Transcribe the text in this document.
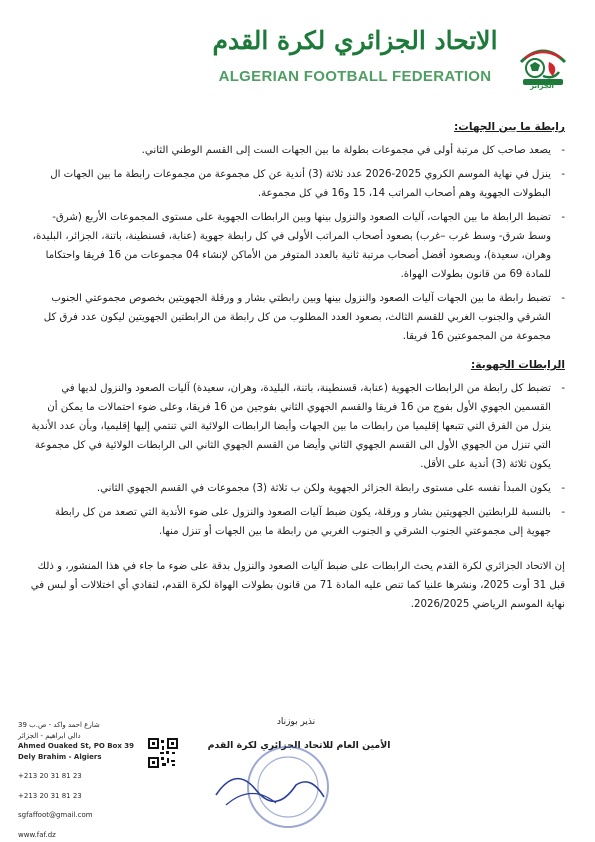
الاتحاد الجزائري لكرة القدم
ALGERIAN FOOTBALL FEDERATION
الجزائر
رابطة ما بين الجهات:
-

يصعد صاحب كل مرتبة أولى في مجموعات بطولة ما بين الجهات الست إلى القسم الوطني الثاني.

-

ينزل في نهاية الموسم الكروي 2025-2026 عدد ثلاثة (3) أندية عن كل مجموعة من مجموعات رابطة ما بين الجهات ال البطولات الجهوية وهم أصحاب المراتب 14، 15 و16 في كل مجموعة.

-

تضبط الرابطة ما بين الجهات، آليات الصعود والنزول بينها وبين الرابطات الجهوية على مستوى المجموعات الأربع (شرق- وسط شرق- وسط غرب –غرب) بصعود أصحاب المراتب الأولى في كل رابطة جهوية (عنابة، قسنطينة، باتنة، الجزائر، البليدة، وهران، سعيدة)، وبصعود أفضل أصحاب مرتبة ثانية بالعدد المتوفر من الأماكن لإنشاء 04 مجموعات من 16 فريقا واحتكاما للمادة 69 من قانون بطولات الهواة.

-

تضبط رابطة ما بين الجهات آليات الصعود والنزول بينها وبين رابطتي بشار و ورقلة الجهويتين بخصوص مجموعتي الجنوب الشرقي والجنوب الغربي للقسم الثالث، بصعود العدد المطلوب من كل رابطة من الرابطتين الجهويتين ليكون عدد فرق كل مجموعة من المجموعتين 16 فريقا.

الرابطات الجهوية:
-

تضبط كل رابطة من الرابطات الجهوية (عنابة، قسنطينة، باتنة، البليدة، وهران، سعيدة) آليات الصعود والنزول لديها في القسمين الجهوي الأول بفوج من 16 فريقا والقسم الجهوي الثاني بفوجين من 16 فريقا، وعلى ضوء احتمالات ما يمكن أن ينزل من الفرق التي تتبعها إقليميا من رابطات ما بين الجهات وأيضا الرابطات الولائية التي تنتمي إليها إقليميا، وبأن عدد الأندية التي تنزل من الجهوي الأول الى القسم الجهوي الثاني وأيضا من القسم الجهوي الثاني الى الرابطات الولائية في كل مجموعة يكون ثلاثة (3) أندية على الأقل.

-

يكون المبدأ نفسه على مستوى رابطة الجزائر الجهوية ولكن ب ثلاثة (3) مجموعات في القسم الجهوي الثاني.

-

بالنسبة للرابطتين الجهويتين بشار و ورقلة، يكون ضبط آليات الصعود والنزول على ضوء الأندية التي تصعد من كل رابطة جهوية إلى مجموعتي الجنوب الشرقي و الجنوب الغربي من رابطة ما بين الجهات أو تنزل منها.

إن الاتحاد الجزائري لكرة القدم يحث الرابطات على ضبط آليات الصعود والنزول بدقة على ضوء ما جاء في هذا المنشور، و ذلك قبل 31 أوت 2025، ونشرها علنيا كما تنص عليه المادة 71 من قانون بطولات الهواة لكرة القدم، لتفادي أي اختلالات أو لبس في نهاية الموسم الرياضي 2026/2025.

نذير بوزناد
الأمين العام للاتحاد الجزائري لكرة القدم
شارع احمد واكد - ص.ب 39
دالي ابراهيم - الجزائر
Ahmed Ouaked St, PO Box 39
Dely Brahim - Algiers
+213 20 31 81 23
+213 20 31 81 23
sgfaffoot@gmail.com
www.faf.dz
